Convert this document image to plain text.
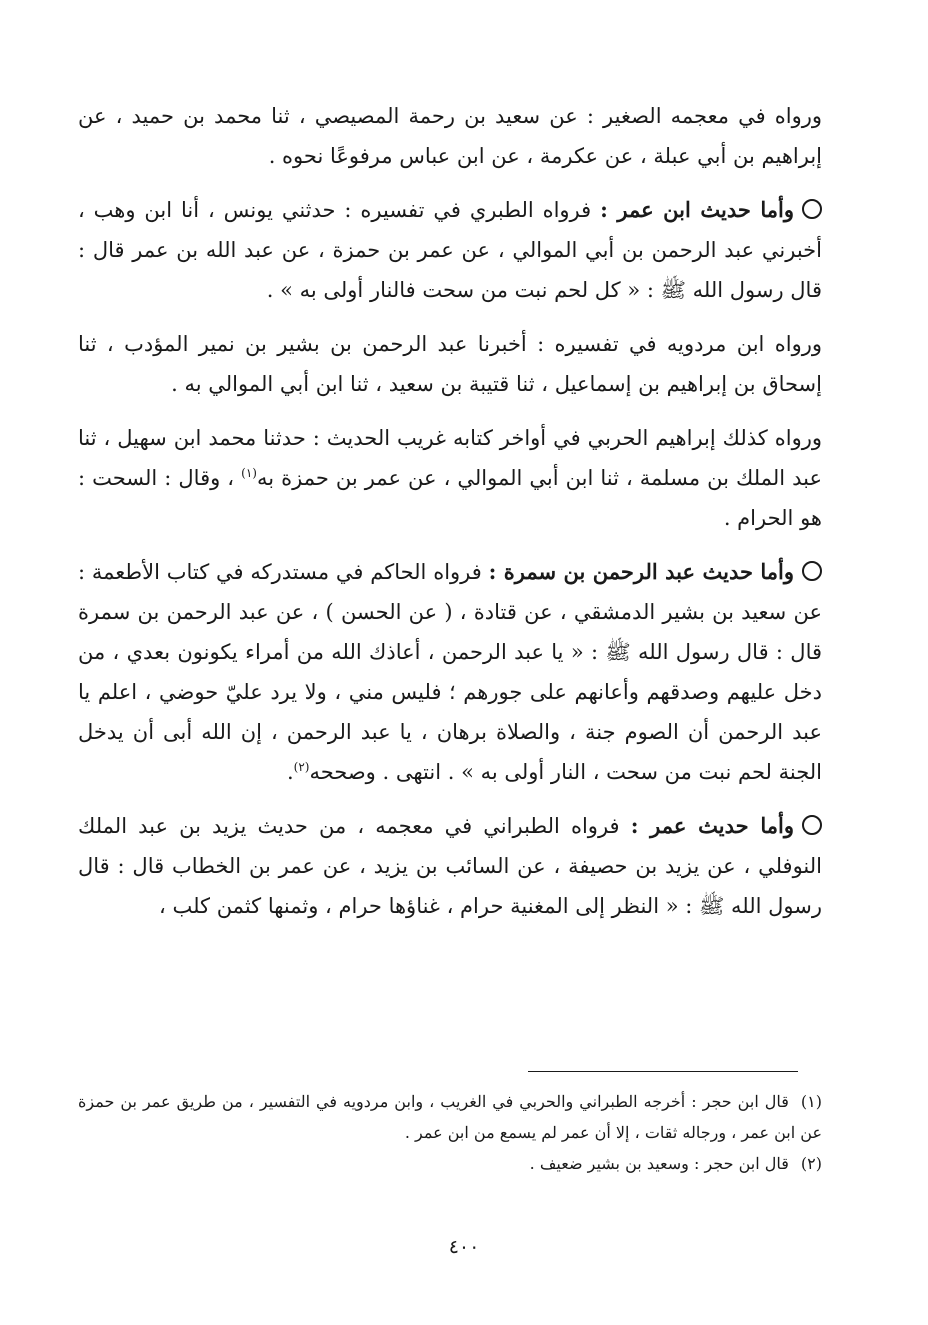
ورواه في معجمه الصغير : عن سعيد بن رحمة المصيصي ، ثنا محمد بن حميد ، عن إبراهيم بن أبي عبلة ، عن عكرمة ، عن ابن عباس مرفوعًا نحوه .

وأما حديث ابن عمر : فرواه الطبري في تفسيره : حدثني يونس ، أنا ابن وهب ، أخبرني عبد الرحمن بن أبي الموالي ، عن عمر بن حمزة ، عن عبد الله بن عمر قال : قال رسول الله ﷺ : « كل لحم نبت من سحت فالنار أولى به » .

ورواه ابن مردويه في تفسيره : أخبرنا عبد الرحمن بن بشير بن نمير المؤدب ، ثنا إسحاق بن إبراهيم بن إسماعيل ، ثنا قتيبة بن سعيد ، ثنا ابن أبي الموالي به .

ورواه كذلك إبراهيم الحربي في أواخر كتابه غريب الحديث : حدثنا محمد ابن سهيل ، ثنا عبد الملك بن مسلمة ، ثنا ابن أبي الموالي ، عن عمر بن حمزة به$^{(١)}$ ، وقال : السحت : هو الحرام .

وأما حديث عبد الرحمن بن سمرة : فرواه الحاكم في مستدركه في كتاب الأطعمة : عن سعيد بن بشير الدمشقي ، عن قتادة ، ( عن الحسن ) ، عن عبد الرحمن بن سمرة قال : قال رسول الله ﷺ : « يا عبد الرحمن ، أعاذك الله من أمراء يكونون بعدي ، من دخل عليهم وصدقهم وأعانهم على جورهم ؛ فليس مني ، ولا يرد عليّ حوضي ، اعلم يا عبد الرحمن أن الصوم جنة ، والصلاة برهان ، يا عبد الرحمن ، إن الله أبى أن يدخل الجنة لحم نبت من سحت ، النار أولى به » . انتهى . وصححه$^{(٢)}$.

وأما حديث عمر : فرواه الطبراني في معجمه ، من حديث يزيد بن عبد الملك النوفلي ، عن يزيد بن حصيفة ، عن السائب بن يزيد ، عن عمر بن الخطاب قال : قال رسول الله ﷺ : « النظر إلى المغنية حرام ، غناؤها حرام ، وثمنها كثمن كلب ،

(١)قال ابن حجر : أخرجه الطبراني والحربي في الغريب ، وابن مردويه في التفسير ، من طريق عمر بن حمزة عن ابن عمر ، ورجاله ثقات ، إلا أن عمر لم يسمع من ابن عمر .

(٢)قال ابن حجر : وسعيد بن بشير ضعيف .

٤٠٠
